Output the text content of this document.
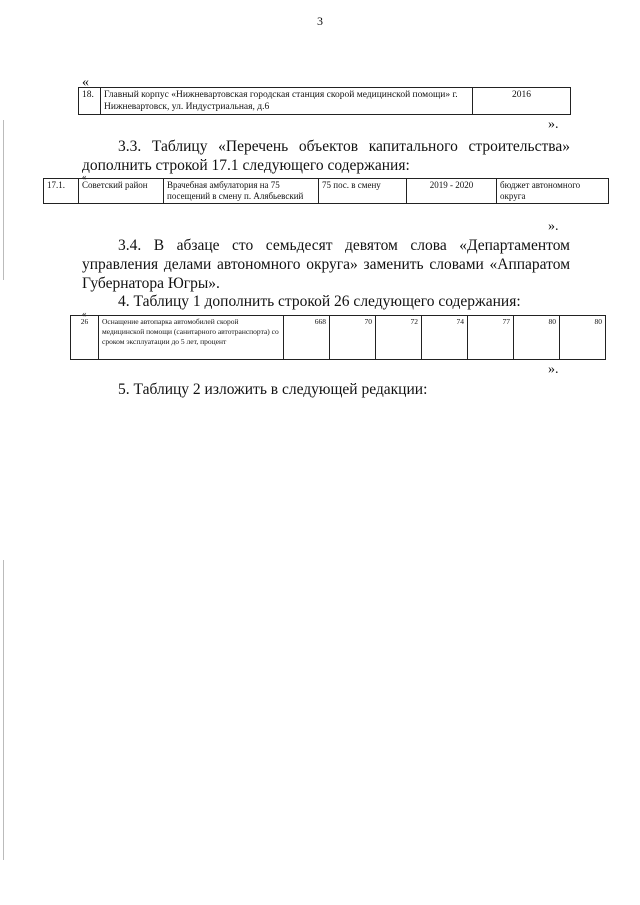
3
«
18.	Главный корпус «Нижневартовская городская станция скорой медицинской помощи» г. Нижневартовск, ул. Индустриальная, д.6	2016
».

3.3. Таблицу «Перечень объектов капитального строительства» дополнить строкой 17.1 следующего содержания:

«
17.1.	Советский район	Врачебная амбулатория на 75 посещений в смену п. Алябьевский	75 пос. в смену	2019 - 2020	бюджет автономного округа
».

3.4. В абзаце сто семьдесят девятом слова «Департаментом управления делами автономного округа» заменить словами «Аппаратом Губернатора Югры».

4. Таблицу 1 дополнить строкой 26 следующего содержания:

«
26	Оснащение автопарка автомобилей скорой медицинской помощи (санитарного автотранспорта) со сроком эксплуатации до 5 лет, процент	668	70	72	74	77	80	80
».

5. Таблицу 2 изложить в следующей редакции:
